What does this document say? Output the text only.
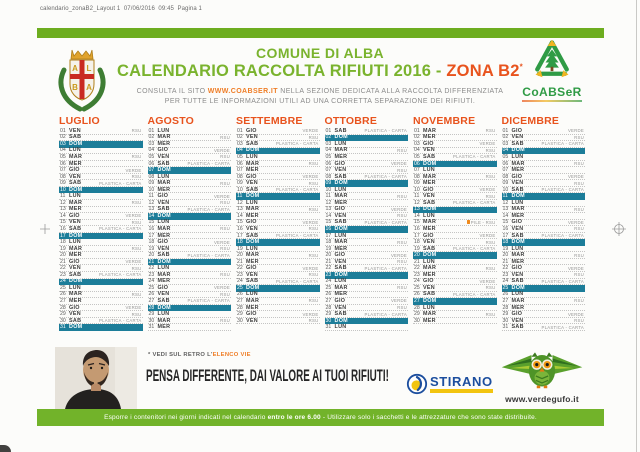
calendario_zonaB2_Layout 1  07/06/2016  09:45  Pagina 1
A L
B A
COMUNE DI ALBA
CALENDARIO RACCOLTA RIFIUTI 2016 - ZONA B2*
CONSULTA IL SITO WWW.COABSER.IT NELLA SEZIONE DEDICATA ALLA RACCOLTA DIFFERENZIATA
PER TUTTE LE INFORMAZIONI UTILI AD UNA CORRETTA SEPARAZIONE DEI RIFIUTI.
CoABSeR
LUGLIO
01 VEN	RSU
02 SAB
03 DOM
04 LUN
05 MAR	RSU
06 MER
07 GIO	VERDE
08 VEN	RSU
09 SAB	PLASTICA - CARTA
10 DOM
11 LUN
12 MAR	RSU
13 MER
14 GIO	VERDE
15 VEN	RSU
16 SAB	PLASTICA - CARTA
17 DOM
18 LUN
19 MAR	RSU
20 MER
21 GIO	VERDE
22 VEN	RSU
23 SAB	PLASTICA - CARTA
24 DOM
25 LUN
26 MAR	RSU
27 MER
28 GIO	VERDE
29 VEN	RSU
30 SAB	PLASTICA - CARTA
31 DOM
AGOSTO
01 LUN
02 MAR	RSU
03 MER
04 GIO	VERDE
05 VEN	RSU
06 SAB	PLASTICA - CARTA
07 DOM
08 LUN
09 MAR	RSU
10 MER
11 GIO	VERDE
12 VEN	RSU
13 SAB	PLASTICA - CARTA
14 DOM
15 LUN
16 MAR	RSU
17 MER
18 GIO	VERDE
19 VEN	RSU
20 SAB	PLASTICA - CARTA
21 DOM
22 LUN
23 MAR	RSU
24 MER
25 GIO	VERDE
26 VEN	RSU
27 SAB	PLASTICA - CARTA
28 DOM
29 LUN
30 MAR	RSU
31 MER
SETTEMBRE
01 GIO	VERDE
02 VEN	RSU
03 SAB	PLASTICA - CARTA
04 DOM
05 LUN
06 MAR	RSU
07 MER
08 GIO	VERDE
09 VEN	RSU
10 SAB	PLASTICA - CARTA
11 DOM
12 LUN
13 MAR	RSU
14 MER
15 GIO	VERDE
16 VEN	RSU
17 SAB	PLASTICA - CARTA
18 DOM
19 LUN
20 MAR	RSU
21 MER
22 GIO	VERDE
23 VEN	RSU
24 SAB	PLASTICA - CARTA
25 DOM
26 LUN
27 MAR	RSU
28 MER
29 GIO	VERDE
30 VEN	RSU
OTTOBRE
01 SAB	PLASTICA - CARTA
02 DOM
03 LUN
04 MAR	RSU
05 MER
06 GIO	VERDE
07 VEN	RSU
08 SAB	PLASTICA - CARTA
09 DOM
10 LUN
11 MAR	RSU
12 MER
13 GIO	VERDE
14 VEN	RSU
15 SAB	PLASTICA - CARTA
16 DOM
17 LUN
18 MAR	RSU
19 MER
20 GIO	VERDE
21 VEN	RSU
22 SAB	PLASTICA - CARTA
23 DOM
24 LUN
25 MAR	RSU
26 MER
27 GIO	VERDE
28 VEN	RSU
29 SAB	PLASTICA - CARTA
30 DOM
31 LUN
NOVEMBRE
01 MAR	RSU
02 MER
03 GIO	VERDE
04 VEN	RSU
05 SAB	PLASTICA - CARTA
06 DOM
07 LUN
08 MAR	RSU
09 MER
10 GIO	VERDE
11 VEN	RSU
12 SAB	PLASTICA - CARTA
13 DOM
14 LUN
15 MAR	PILE - RSU
16 MER
17 GIO	VERDE
18 VEN	RSU
19 SAB	PLASTICA - CARTA
20 DOM
21 LUN
22 MAR	RSU
23 MER
24 GIO	VERDE
25 VEN	RSU
26 SAB	PLASTICA - CARTA
27 DOM
28 LUN
29 MAR	RSU
30 MER
DICEMBRE
01 GIO	VERDE
02 VEN	RSU
03 SAB	PLASTICA - CARTA
04 DOM
05 LUN
06 MAR	RSU
07 MER
08 GIO	VERDE
09 VEN	RSU
10 SAB	PLASTICA - CARTA
11 DOM
12 LUN
13 MAR	RSU
14 MER
15 GIO	VERDE
16 VEN	RSU
17 SAB	PLASTICA - CARTA
18 DOM
19 LUN
20 MAR	RSU
21 MER
22 GIO	VERDE
23 VEN	RSU
24 SAB	PLASTICA - CARTA
25 DOM
26 LUN
27 MAR	RSU
28 MER
29 GIO	VERDE
30 VEN	RSU
31 SAB	PLASTICA - CARTA
* VEDI SUL RETRO L'ELENCO VIE
PENSA DIFFERENTE, DAI VALORE AI TUOI RIFIUTI!	STIRANO
www.verdegufo.it
Esporre i contenitori nei giorni indicati nel calendario entro le ore 6.00 - Utilizzare solo i sacchetti e le attrezzature che sono state distribuite.
